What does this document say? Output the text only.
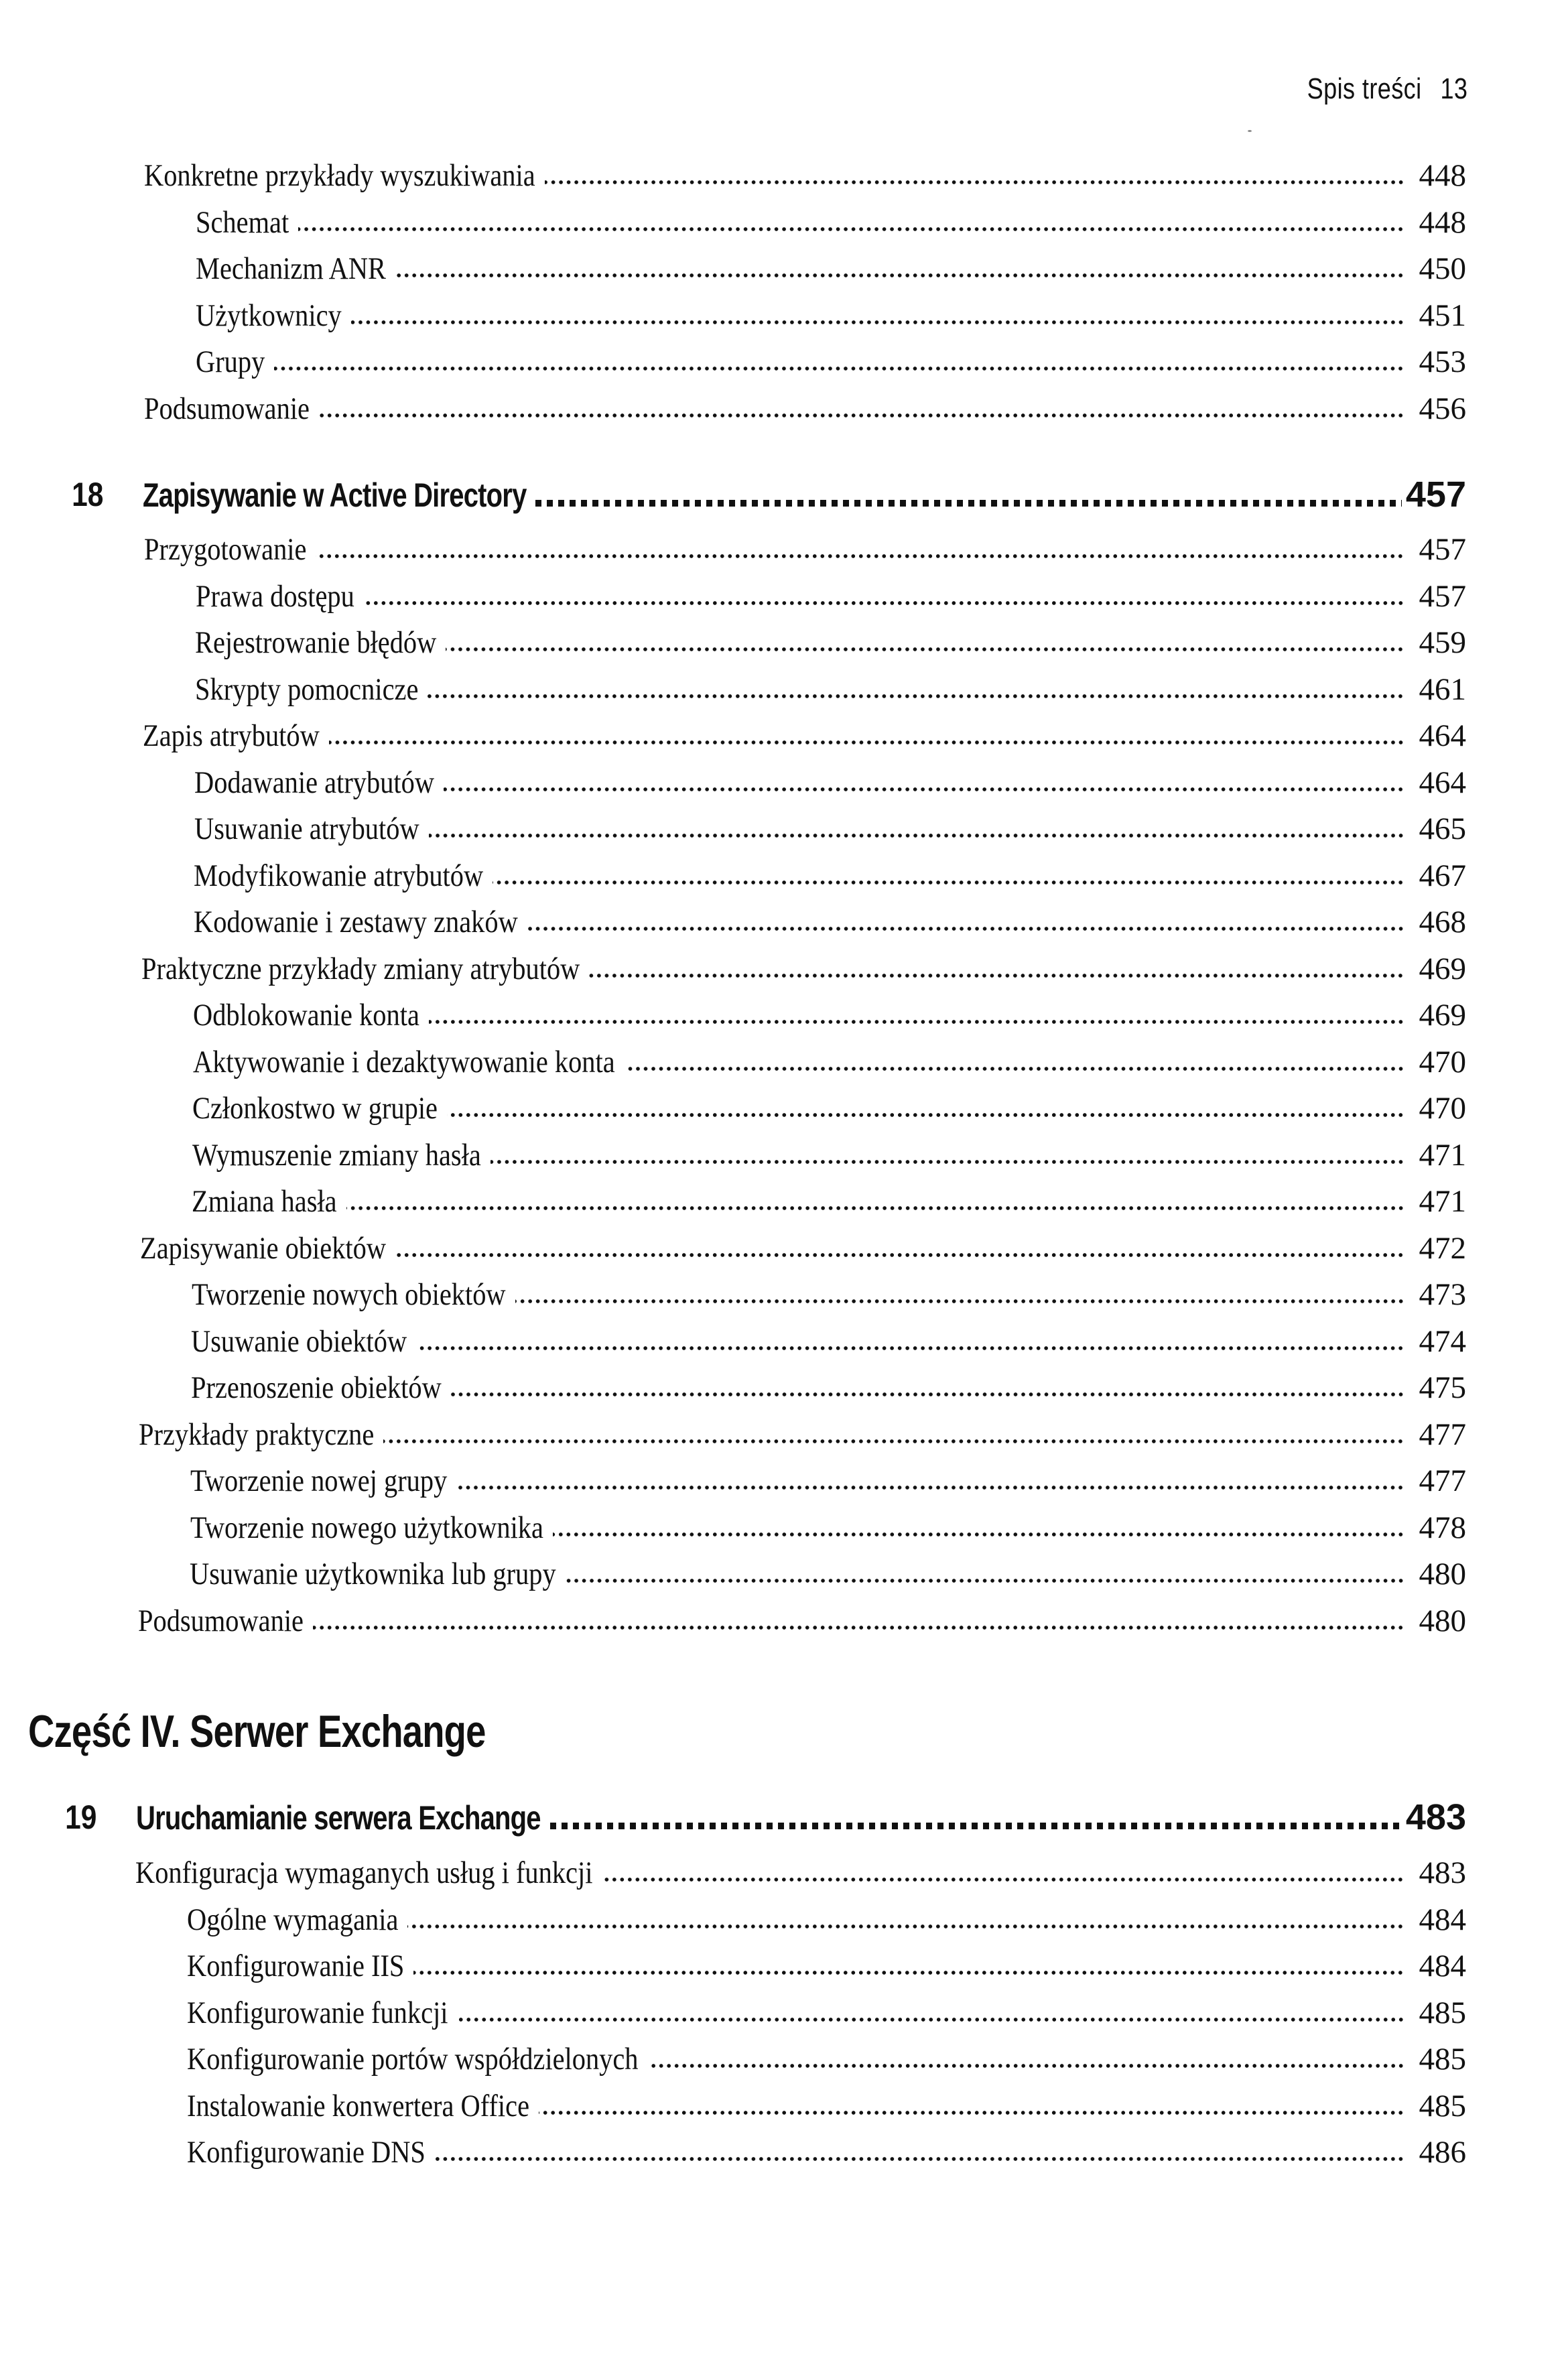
Spis treści 13
Konkretne przykłady wyszukiwania	448
Schemat	448
Mechanizm ANR	450
Użytkownicy	451
Grupy	453
Podsumowanie	456
18 Zapisywanie w Active Directory	457
Przygotowanie	457
Prawa dostępu	457
Rejestrowanie błędów	459
Skrypty pomocnicze	461
Zapis atrybutów	464
Dodawanie atrybutów	464
Usuwanie atrybutów	465
Modyfikowanie atrybutów	467
Kodowanie i zestawy znaków	468
Praktyczne przykłady zmiany atrybutów	469
Odblokowanie konta	469
Aktywowanie i dezaktywowanie konta	470
Członkostwo w grupie	470
Wymuszenie zmiany hasła	471
Zmiana hasła	471
Zapisywanie obiektów	472
Tworzenie nowych obiektów	473
Usuwanie obiektów	474
Przenoszenie obiektów	475
Przykłady praktyczne	477
Tworzenie nowej grupy	477
Tworzenie nowego użytkownika	478
Usuwanie użytkownika lub grupy	480
Podsumowanie	480
19 Uruchamianie serwera Exchange	483
Konfiguracja wymaganych usług i funkcji	483
Ogólne wymagania	484
Konfigurowanie IIS	484
Konfigurowanie funkcji	485
Konfigurowanie portów współdzielonych	485
Instalowanie konwertera Office	485
Konfigurowanie DNS	486
Część IV. Serwer Exchange
